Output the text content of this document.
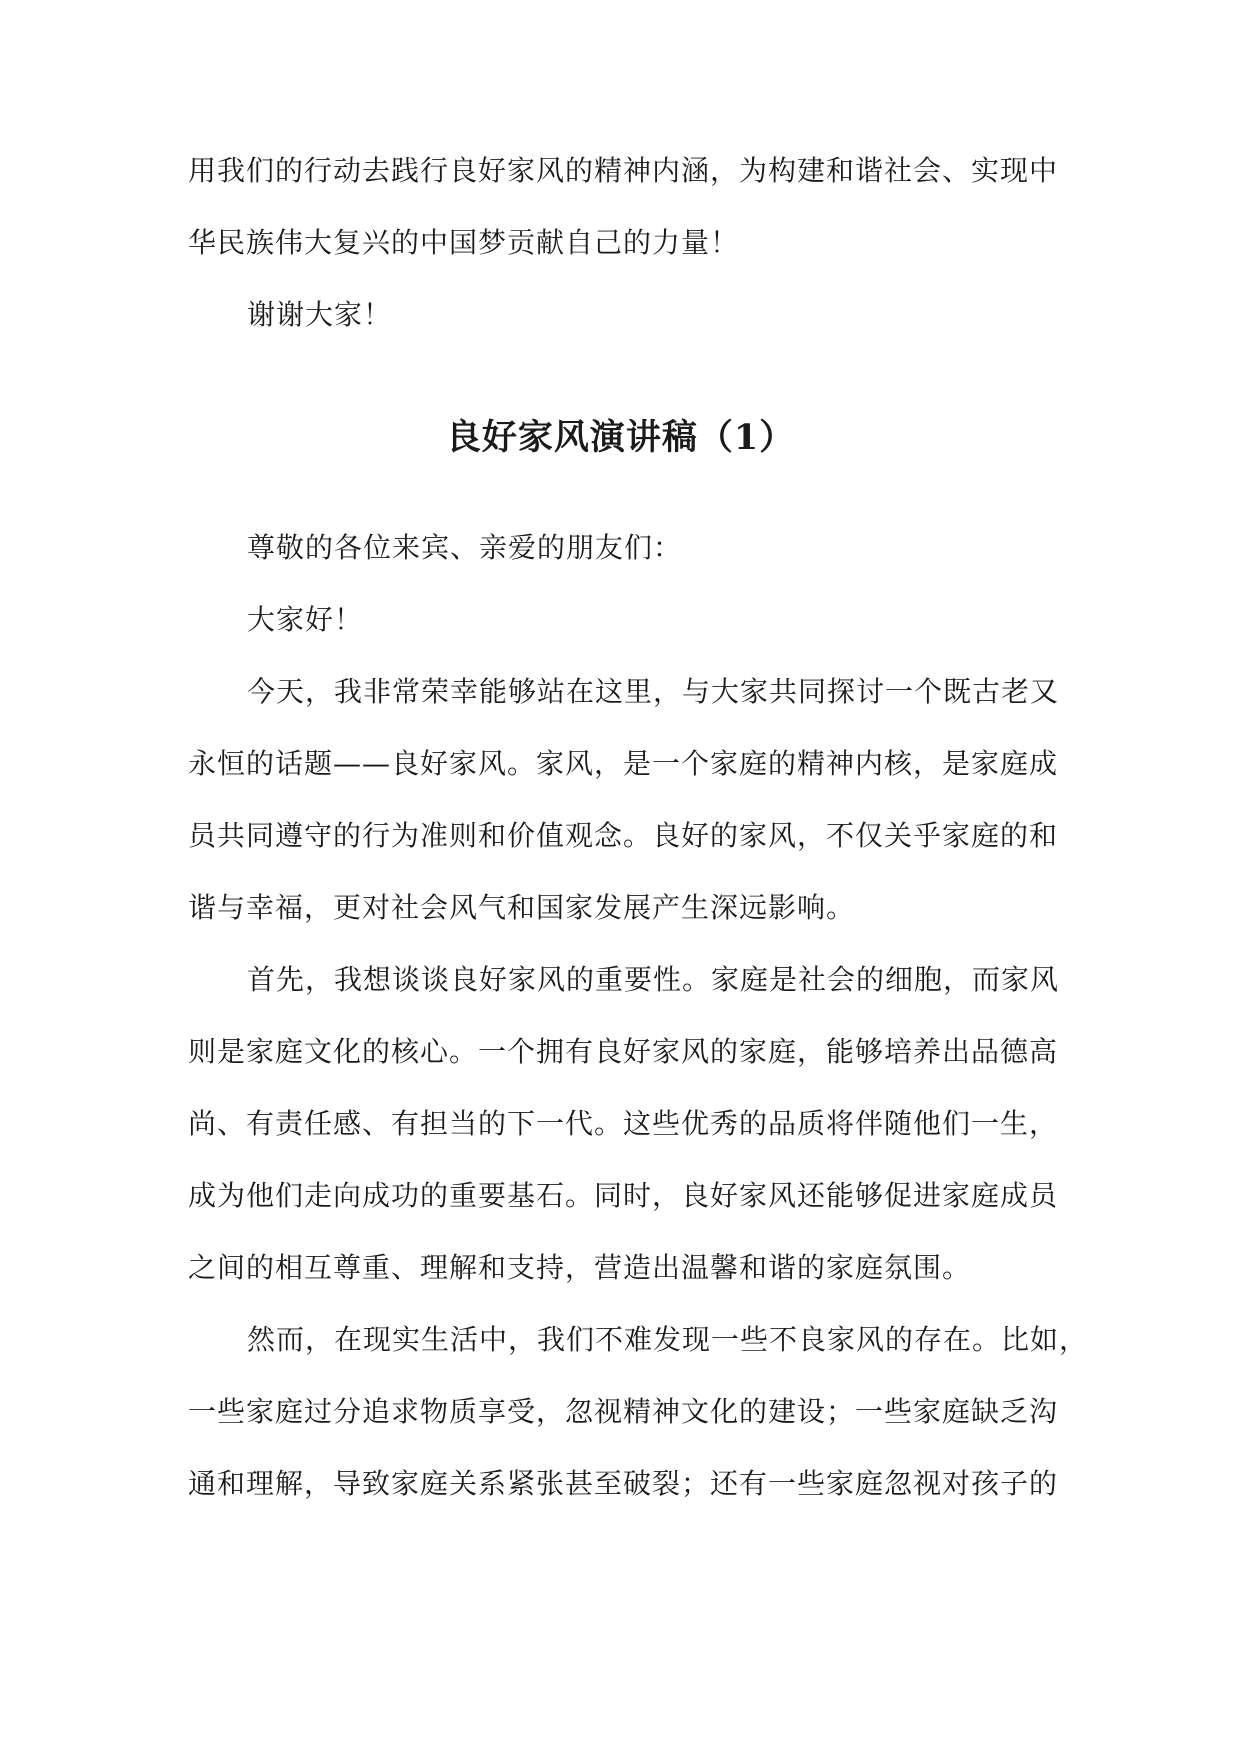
用我们的行动去践行良好家风的精神内涵，为构建和谐社会、实现中
华民族伟大复兴的中国梦贡献自己的力量！
谢谢大家！
良好家风演讲稿（1）
尊敬的各位来宾、亲爱的朋友们：
大家好！
今天，我非常荣幸能够站在这里，与大家共同探讨一个既古老又
永恒的话题——良好家风。家风，是一个家庭的精神内核，是家庭成
员共同遵守的行为准则和价值观念。良好的家风，不仅关乎家庭的和
谐与幸福，更对社会风气和国家发展产生深远影响。
首先，我想谈谈良好家风的重要性。家庭是社会的细胞，而家风
则是家庭文化的核心。一个拥有良好家风的家庭，能够培养出品德高
尚、有责任感、有担当的下一代。这些优秀的品质将伴随他们一生，
成为他们走向成功的重要基石。同时，良好家风还能够促进家庭成员
之间的相互尊重、理解和支持，营造出温馨和谐的家庭氛围。
然而，在现实生活中，我们不难发现一些不良家风的存在。比如，
一些家庭过分追求物质享受，忽视精神文化的建设；一些家庭缺乏沟
通和理解，导致家庭关系紧张甚至破裂；还有一些家庭忽视对孩子的
